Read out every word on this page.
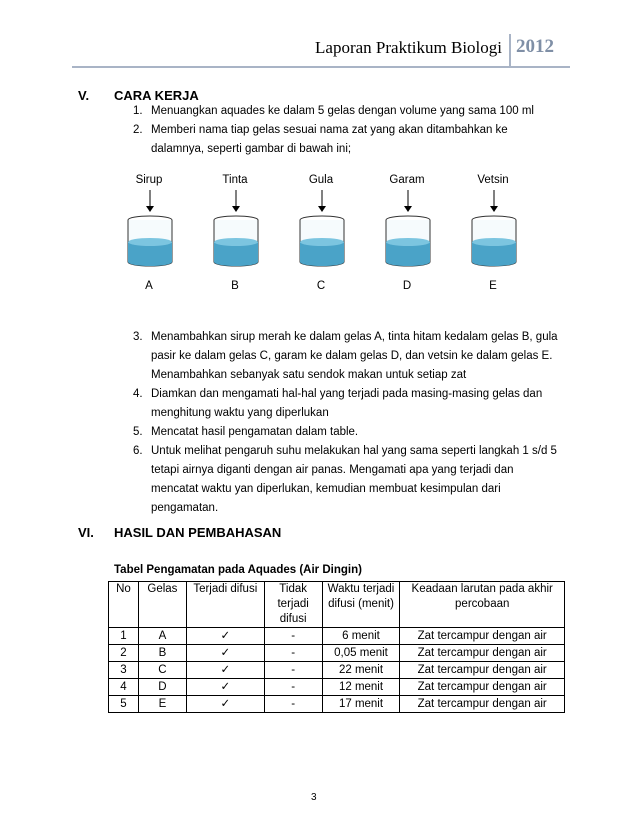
Laporan Praktikum Biologi 2012
V. CARA KERJA
1. Menuangkan aquades ke dalam 5 gelas dengan volume yang sama 100 ml
2. Memberi nama tiap gelas sesuai nama zat yang akan ditambahkan ke dalamnya, seperti gambar di bawah ini;
Sirup
A
Tinta
B
Gula
C
Garam
D
Vetsin
E
3. Menambahkan sirup merah ke dalam gelas A, tinta hitam kedalam gelas B, gula pasir ke dalam gelas C, garam ke dalam gelas D, dan vetsin ke dalam gelas E. Menambahkan sebanyak satu sendok makan untuk setiap zat
4. Diamkan dan mengamati hal-hal yang terjadi pada masing-masing gelas dan menghitung waktu yang diperlukan
5. Mencatat hasil pengamatan dalam table.
6. Untuk melihat pengaruh suhu melakukan hal yang sama seperti langkah 1 s/d 5 tetapi airnya diganti dengan air panas. Mengamati apa yang terjadi dan mencatat waktu yan diperlukan, kemudian membuat kesimpulan dari pengamatan.
VI. HASIL DAN PEMBAHASAN
Tabel Pengamatan pada Aquades (Air Dingin)
No	Gelas	Terjadi difusi	Tidak terjadi difusi	Waktu terjadi difusi (menit)	Keadaan larutan pada akhir percobaan
1	A	✓	-	6 menit	Zat tercampur dengan air
2	B	✓	-	0,05 menit	Zat tercampur dengan air
3	C	✓	-	22 menit	Zat tercampur dengan air
4	D	✓	-	12 menit	Zat tercampur dengan air
5	E	✓	-	17 menit	Zat tercampur dengan air
3
